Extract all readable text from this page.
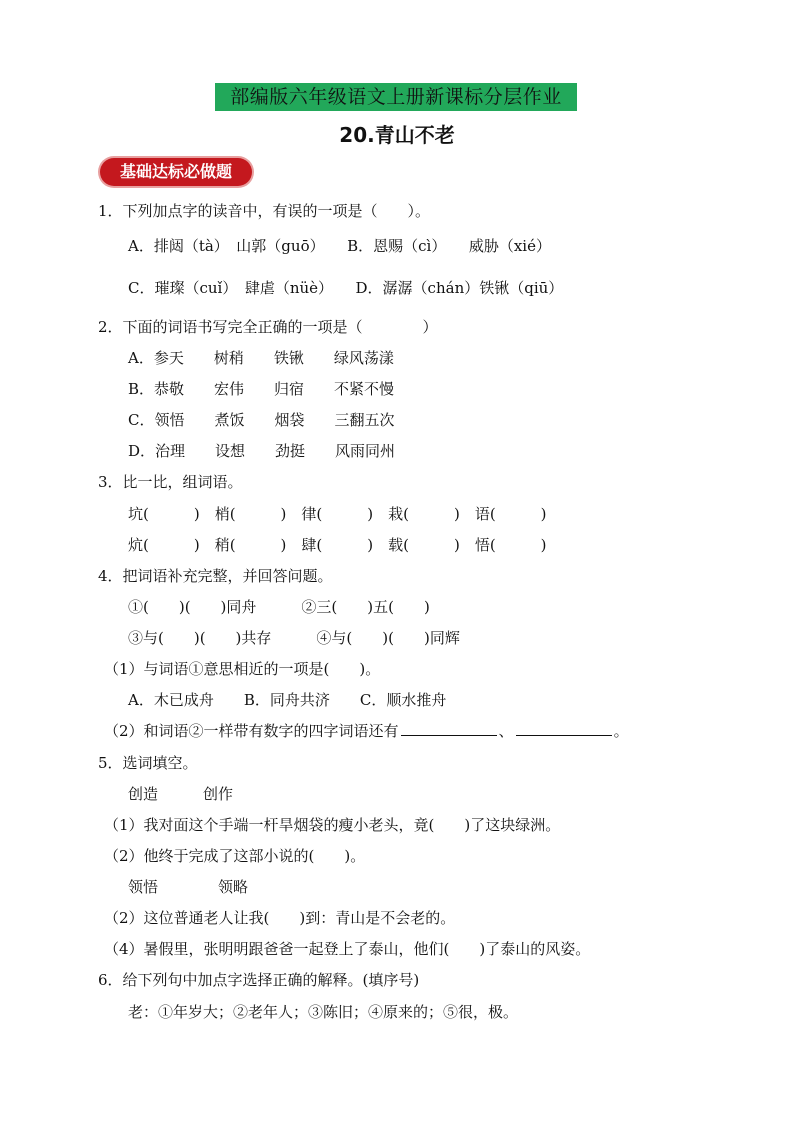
部编版六年级语文上册新课标分层作业
20.青山不老
基础达标必做题
1．下列加点字的读音中，有误的一项是（　　）。
A．排闼（tà）　山郭（guō）　　B．恩赐（cì）　　威胁（xié）
C．璀璨（cuǐ）　肆虐（nüè）　　D．潺潺（chán）铁锹（qiū）
2．下面的词语书写完全正确的一项是（　　　　）
A．参天　　树稍　　铁锹　　绿风荡漾
B．恭敬　　宏伟　　归宿　　不紧不慢
C．领悟　　煮饭　　烟袋　　三翻五次
D．治理　　设想　　劲挺　　风雨同州
3．比一比，组词语。
坑(　　　)　梢(　　　)　律(　　　)　栽(　　　)　语(　　　)
炕(　　　)　稍(　　　)　肆(　　　)　载(　　　)　悟(　　　)
4．把词语补充完整，并回答问题。
①(　　)(　　)同舟　　　②三(　　)五(　　)
③与(　　)(　　)共存　　　④与(　　)(　　)同辉
（1）与词语①意思相近的一项是(　　)。
A．木已成舟　　B．同舟共济　　C．顺水推舟
（2）和词语②一样带有数字的四字词语还有	、	。
5．选词填空。
创造　　　创作
（1）我对面这个手端一杆旱烟袋的瘦小老头，竟(　　)了这块绿洲。
（2）他终于完成了这部小说的(　　)。
领悟　　　　领略
（2）这位普通老人让我(　　)到：青山是不会老的。
（4）暑假里，张明明跟爸爸一起登上了泰山，他们(　　)了泰山的风姿。
6．给下列句中加点字选择正确的解释。(填序号)
老：①年岁大；②老年人；③陈旧；④原来的；⑤很，极。
